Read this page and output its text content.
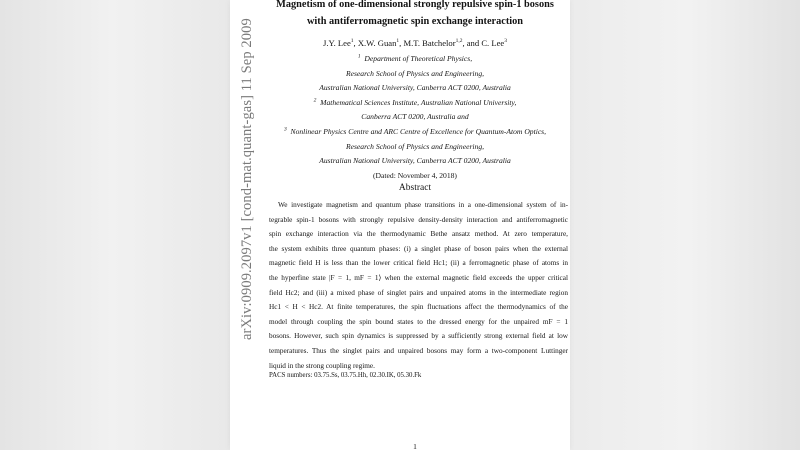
Magnetism of one-dimensional strongly repulsive spin-1 bosons
with antiferromagnetic spin exchange interaction
J.Y. Lee$^1$, X.W. Guan$^1$, M.T. Batchelor$^{1,2}$, and C. Lee$^3$
$^1$ Department of Theoretical Physics,
Research School of Physics and Engineering,
Australian National University, Canberra ACT 0200, Australia
$^2$ Mathematical Sciences Institute, Australian National University,
Canberra ACT 0200, Australia and
$^3$ Nonlinear Physics Centre and ARC Centre of Excellence for Quantum-Atom Optics,
Research School of Physics and Engineering,
Australian National University, Canberra ACT 0200, Australia
(Dated: November 4, 2018)
Abstract
We investigate magnetism and quantum phase transitions in a one-dimensional system of in-
tegrable spin-1 bosons with strongly repulsive density-density interaction and antiferromagnetic
spin exchange interaction via the thermodynamic Bethe ansatz method. At zero temperature,
the system exhibits three quantum phases: (i) a singlet phase of boson pairs when the external
magnetic field H is less than the lower critical field Hc1; (ii) a ferromagnetic phase of atoms in
the hyperfine state |F = 1, mF = 1⟩ when the external magnetic field exceeds the upper critical
field Hc2; and (iii) a mixed phase of singlet pairs and unpaired atoms in the intermediate region
Hc1 < H < Hc2. At finite temperatures, the spin fluctuations affect the thermodynamics of the
model through coupling the spin bound states to the dressed energy for the unpaired mF = 1
bosons. However, such spin dynamics is suppressed by a sufficiently strong external field at low
temperatures. Thus the singlet pairs and unpaired bosons may form a two-component Luttinger
liquid in the strong coupling regime.
PACS numbers: 03.75.Ss, 03.75.Hh, 02.30.IK, 05.30.Fk
1
arXiv:0909.2097v1 [cond-mat.quant-gas] 11 Sep 2009
